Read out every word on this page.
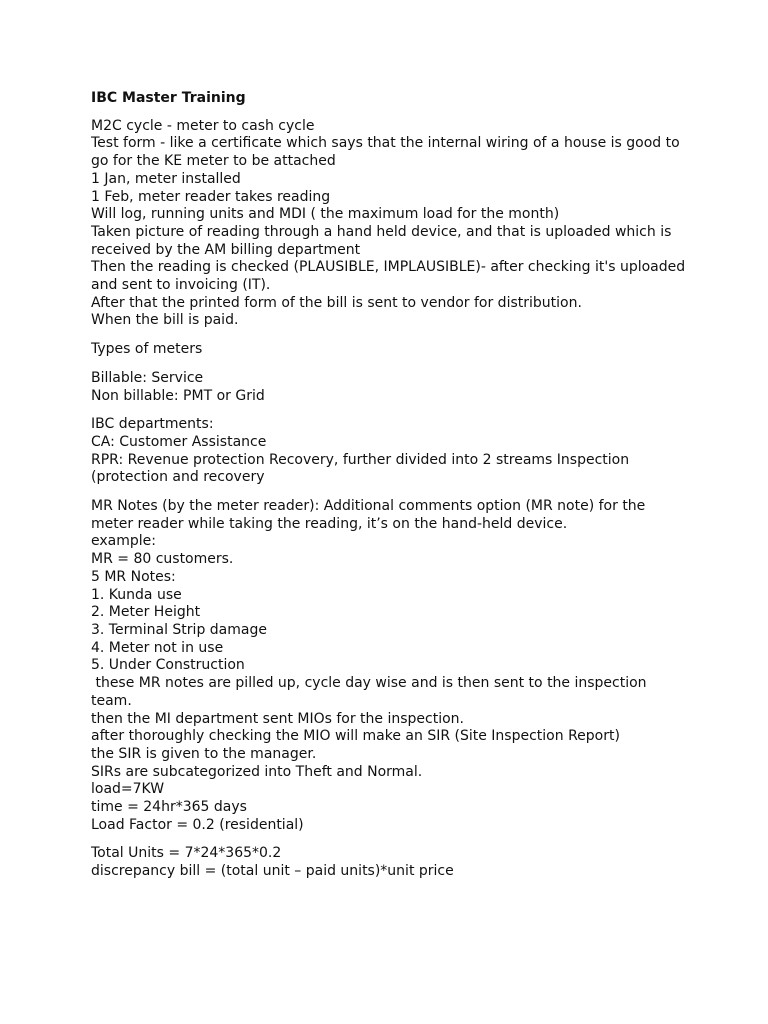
IBC Master Training
M2C cycle - meter to cash cycle
Test form - like a certificate which says that the internal wiring of a house is good to go for the KE meter to be attached
1 Jan, meter installed
1 Feb, meter reader takes reading
Will log, running units and MDI ( the maximum load for the month)
Taken picture of reading through a hand held device, and that is uploaded which is received by the AM billing department
Then the reading is checked (PLAUSIBLE, IMPLAUSIBLE)- after checking it's uploaded and sent to invoicing (IT).
After that the printed form of the bill is sent to vendor for distribution.
When the bill is paid.
Types of meters
Billable: Service
Non billable: PMT or Grid
IBC departments:
CA: Customer Assistance
RPR: Revenue protection Recovery, further divided into 2 streams Inspection (protection and recovery
MR Notes (by the meter reader): Additional comments option (MR note) for the meter reader while taking the reading, it’s on the hand-held device.
example:
MR = 80 customers.
5 MR Notes:
1. Kunda use
2. Meter Height
3. Terminal Strip damage
4. Meter not in use
5. Under Construction
these MR notes are pilled up, cycle day wise and is then sent to the inspection team.
then the MI department sent MIOs for the inspection.
after thoroughly checking the MIO will make an SIR (Site Inspection Report)
the SIR is given to the manager.
SIRs are subcategorized into Theft and Normal.
load=7KW
time = 24hr*365 days
Load Factor = 0.2 (residential)
Total Units = 7*24*365*0.2
discrepancy bill = (total unit – paid units)*unit price
